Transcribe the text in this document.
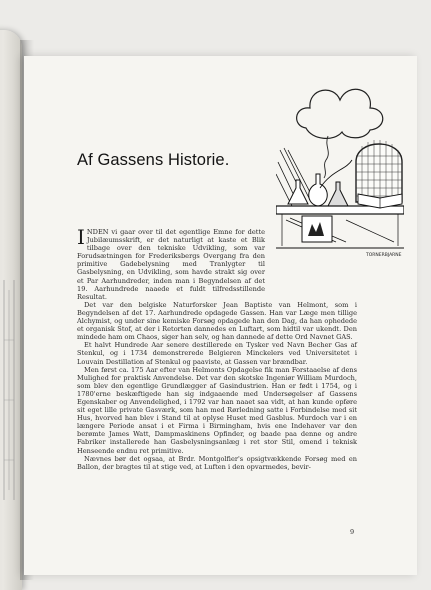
TORNERBJARNE
Af Gassens Historie.

INDEN vi gaar over til det egentlige Emne for dette Jubilæumsskrift, er det naturligt at kaste et Blik tilbage over den tekniske Udvikling, som var Forudsætningen for Frederiksbergs Overgang fra den primitive Gadebelysning med Tranlygter til Gasbelysning, en Udvikling, som havde strakt sig over et Par Aarhundreder, inden man i Begyndelsen af det 19. Aarhundrede naaede et fuldt tilfredsstillende Resultat.

Det var den belgiske Naturforsker Jean Baptiste van Helmont, som i Begyndelsen af det 17. Aarhundrede opdagede Gassen. Han var Læge men tillige Alchymist, og under sine kemiske Forsøg opdagede han den Dag, da han ophedede et organisk Stof, at der i Retorten dannedes en Luftart, som hidtil var ukendt. Den mindede ham om Chaos, siger han selv, og han dannede af dette Ord Navnet GAS.

Et halvt Hundrede Aar senere destillerede en Tysker ved Navn Becher Gas af Stenkul, og i 1734 demonstrerede Belgieren Minckelers ved Universitetet i Louvain Destillation af Stenkul og paaviste, at Gassen var brændbar.

Men først ca. 175 Aar efter van Helmonts Opdagelse fik man Forstaaelse af dens Mulighed for praktisk Anvendelse. Det var den skotske Ingeniør William Murdoch, som blev den egentlige Grundlægger af Gasindustrien. Han er født i 1754, og i 1780'erne beskæftigede han sig indgaaende med Undersøgelser af Gassens Egenskaber og Anvendelighed, i 1792 var han naaet saa vidt, at han kunde opføre sit eget lille private Gasværk, som han med Rørledning satte i Forbindelse med sit Hus, hvorved han blev i Stand til at oplyse Huset med Gasblus. Murdoch var i en længere Periode ansat i et Firma i Birmingham, hvis ene Indehaver var den berømte James Watt, Dampmaskinens Opfinder, og baade paa denne og andre Fabriker installerede han Gasbelysningsanlæg i ret stor Stil, omend i teknisk Henseende endnu ret primitive.

Nævnes bør det ogsaa, at Brdr. Montgolfier's opsigtvækkende Forsøg med en Ballon, der bragtes til at stige ved, at Luften i den opvarmedes, bevir-

9
